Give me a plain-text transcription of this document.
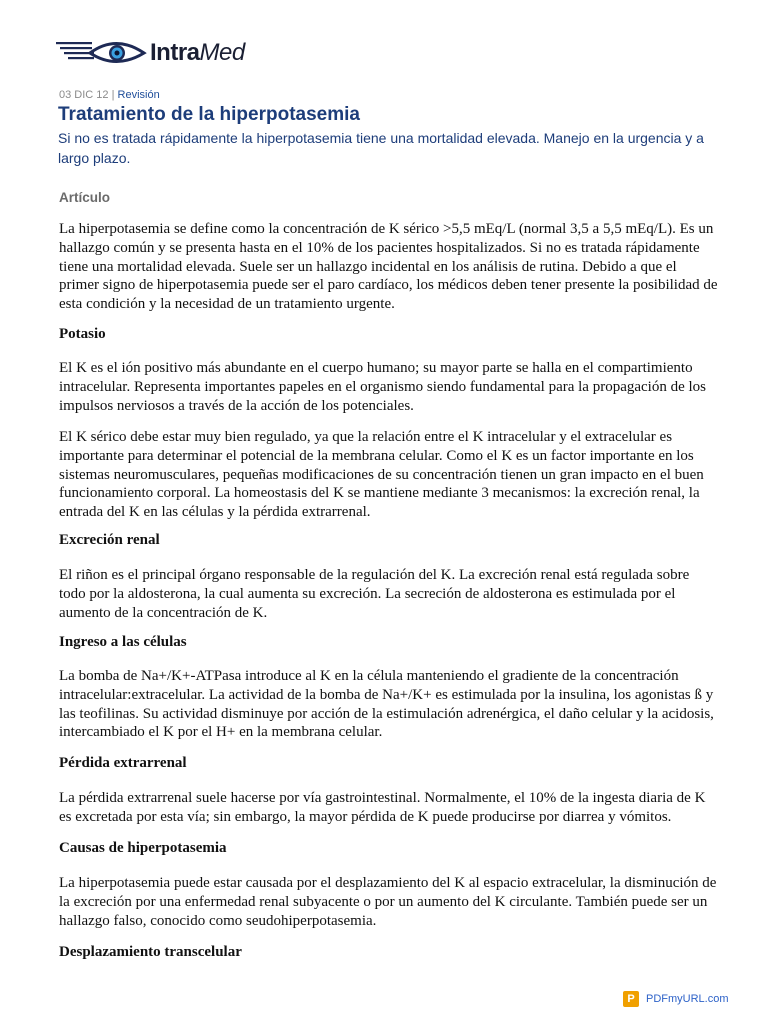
IntraMed
03 DIC 12 | Revisión
Tratamiento de la hiperpotasemia

Si no es tratada rápidamente la hiperpotasemia tiene una mortalidad elevada. Manejo en la urgencia y a largo plazo.

Artículo

La hiperpotasemia se define como la concentración de K sérico >5,5 mEq/L (normal 3,5 a 5,5 mEq/L). Es un hallazgo común y se presenta hasta en el 10% de los pacientes hospitalizados. Si no es tratada rápidamente tiene una mortalidad elevada. Suele ser un hallazgo incidental en los análisis de rutina. Debido a que el primer signo de hiperpotasemia puede ser el paro cardíaco, los médicos deben tener presente la posibilidad de esta condición y la necesidad de un tratamiento urgente.

Potasio

El K es el ión positivo más abundante en el cuerpo humano; su mayor parte se halla en el compartimiento intracelular. Representa importantes papeles en el organismo siendo fundamental para la propagación de los impulsos nerviosos a través de la acción de los potenciales.

El K sérico debe estar muy bien regulado, ya que la relación entre el K intracelular y el extracelular es importante para determinar el potencial de la membrana celular. Como el K es un factor importante en los sistemas neuromusculares, pequeñas modificaciones de su concentración tienen un gran impacto en el buen funcionamiento corporal. La homeostasis del K se mantiene mediante 3 mecanismos: la excreción renal, la entrada del K en las células y la pérdida extrarrenal.

Excreción renal

El riñon es el principal órgano responsable de la regulación del K. La excreción renal está regulada sobre todo por la aldosterona, la cual aumenta su excreción. La secreción de aldosterona es estimulada por el aumento de la concentración de K.

Ingreso a las células

La bomba de Na+/K+-ATPasa introduce al K en la célula manteniendo el gradiente de la concentración intracelular:extracelular. La actividad de la bomba de Na+/K+ es estimulada por la insulina, los agonistas ß y las teofilinas. Su actividad disminuye por acción de la estimulación adrenérgica, el daño celular y la acidosis, intercambiado el K por el H+ en la membrana celular.

Pérdida extrarrenal

La pérdida extrarrenal suele hacerse por vía gastrointestinal. Normalmente, el 10% de la ingesta diaria de K es excretada por esta vía; sin embargo, la mayor pérdida de K puede producirse por diarrea y vómitos.

Causas de hiperpotasemia

La hiperpotasemia puede estar causada por el desplazamiento del K al espacio extracelular, la disminución de la excreción por una enfermedad renal subyacente o por un aumento del K circulante. También puede ser un hallazgo falso, conocido como seudohiperpotasemia.

Desplazamiento transcelular
P	PDFmyURL.com
